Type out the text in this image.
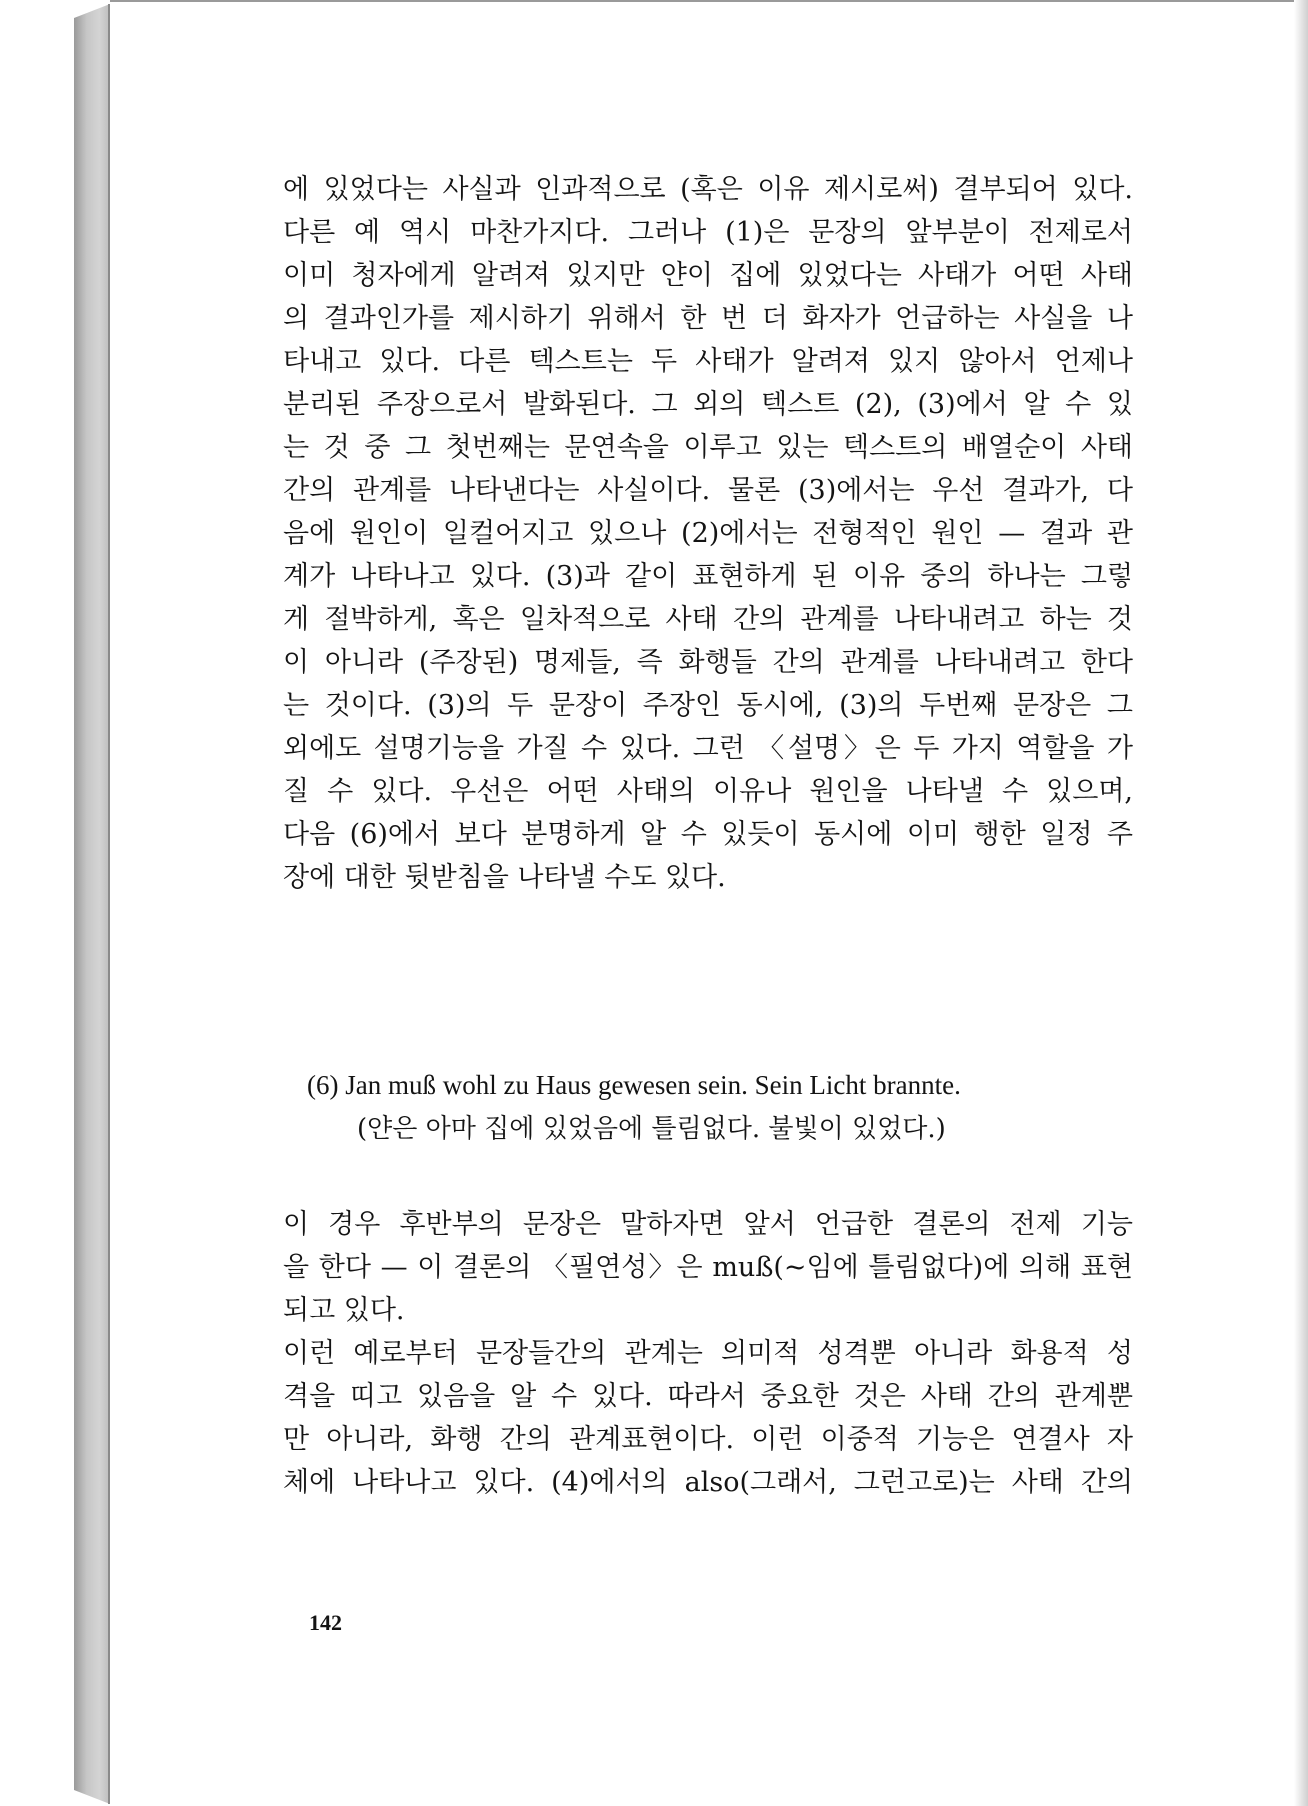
에 있었다는 사실과 인과적으로 (혹은 이유 제시로써) 결부되어 있다.
다른 예 역시 마찬가지다. 그러나 (1)은 문장의 앞부분이 전제로서
이미 청자에게 알려져 있지만 얀이 집에 있었다는 사태가 어떤 사태
의 결과인가를 제시하기 위해서 한 번 더 화자가 언급하는 사실을 나
타내고 있다. 다른 텍스트는 두 사태가 알려져 있지 않아서 언제나
분리된 주장으로서 발화된다. 그 외의 텍스트 (2), (3)에서 알 수 있
는 것 중 그 첫번째는 문연속을 이루고 있는 텍스트의 배열순이 사태
간의 관계를 나타낸다는 사실이다. 물론 (3)에서는 우선 결과가, 다
음에 원인이 일컬어지고 있으나 (2)에서는 전형적인 원인 — 결과 관
계가 나타나고 있다. (3)과 같이 표현하게 된 이유 중의 하나는 그렇
게 절박하게, 혹은 일차적으로 사태 간의 관계를 나타내려고 하는 것
이 아니라 (주장된) 명제들, 즉 화행들 간의 관계를 나타내려고 한다
는 것이다. (3)의 두 문장이 주장인 동시에, (3)의 두번째 문장은 그
외에도 설명기능을 가질 수 있다. 그런 〈설명〉은 두 가지 역할을 가
질 수 있다. 우선은 어떤 사태의 이유나 원인을 나타낼 수 있으며,
다음 (6)에서 보다 분명하게 알 수 있듯이 동시에 이미 행한 일정 주
장에 대한 뒷받침을 나타낼 수도 있다.
(6) Jan muß wohl zu Haus gewesen sein. Sein Licht brannte.
(얀은 아마 집에 있었음에 틀림없다. 불빛이 있었다.)
이 경우 후반부의 문장은 말하자면 앞서 언급한 결론의 전제 기능
을 한다 — 이 결론의 〈필연성〉은 muß(~임에 틀림없다)에 의해 표현
되고 있다.
이런 예로부터 문장들간의 관계는 의미적 성격뿐 아니라 화용적 성
격을 띠고 있음을 알 수 있다. 따라서 중요한 것은 사태 간의 관계뿐
만 아니라, 화행 간의 관계표현이다. 이런 이중적 기능은 연결사 자
체에 나타나고 있다. (4)에서의 also(그래서, 그런고로)는 사태 간의
142
